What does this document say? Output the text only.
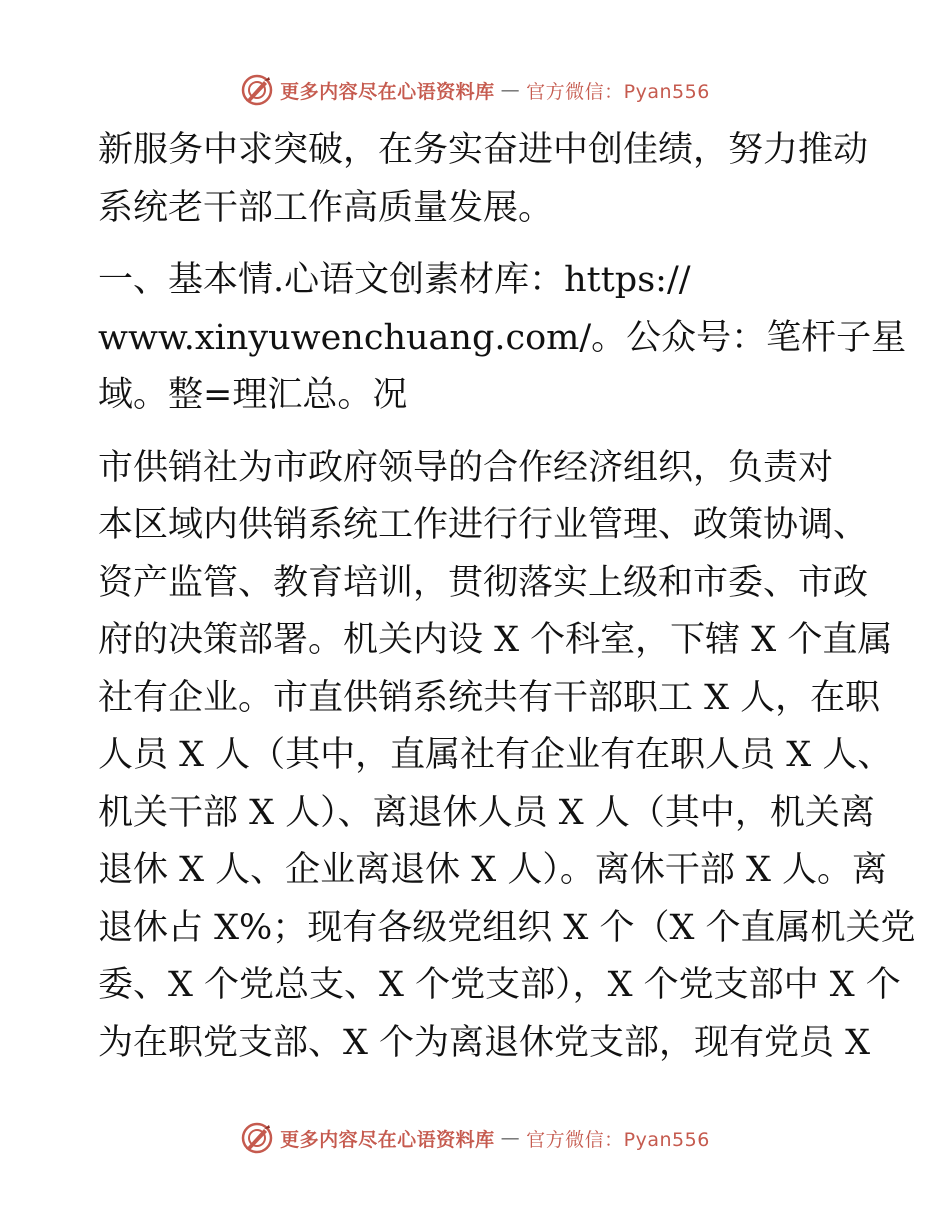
更多内容尽在心语资料库 — 官方微信：Pyan556
新服务中求突破，在务实奋进中创佳绩，努力推动
系统老干部工作高质量发展。
一、基本情.心语文创素材库：https://
www.xinyuwenchuang.com/。公众号：笔杆子星
域。整=理汇总。况
市供销社为市政府领导的合作经济组织，负责对
本区域内供销系统工作进行行业管理、政策协调、
资产监管、教育培训，贯彻落实上级和市委、市政
府的决策部署。机关内设 X 个科室，下辖 X 个直属
社有企业。市直供销系统共有干部职工 X 人，在职
人员 X 人（其中，直属社有企业有在职人员 X 人、
机关干部 X 人）、离退休人员 X 人（其中，机关离
退休 X 人、企业离退休 X 人）。离休干部 X 人。离
退休占 X%；现有各级党组织 X 个（X 个直属机关党
委、X 个党总支、X 个党支部），X 个党支部中 X 个
为在职党支部、X 个为离退休党支部，现有党员 X
更多内容尽在心语资料库 — 官方微信：Pyan556
